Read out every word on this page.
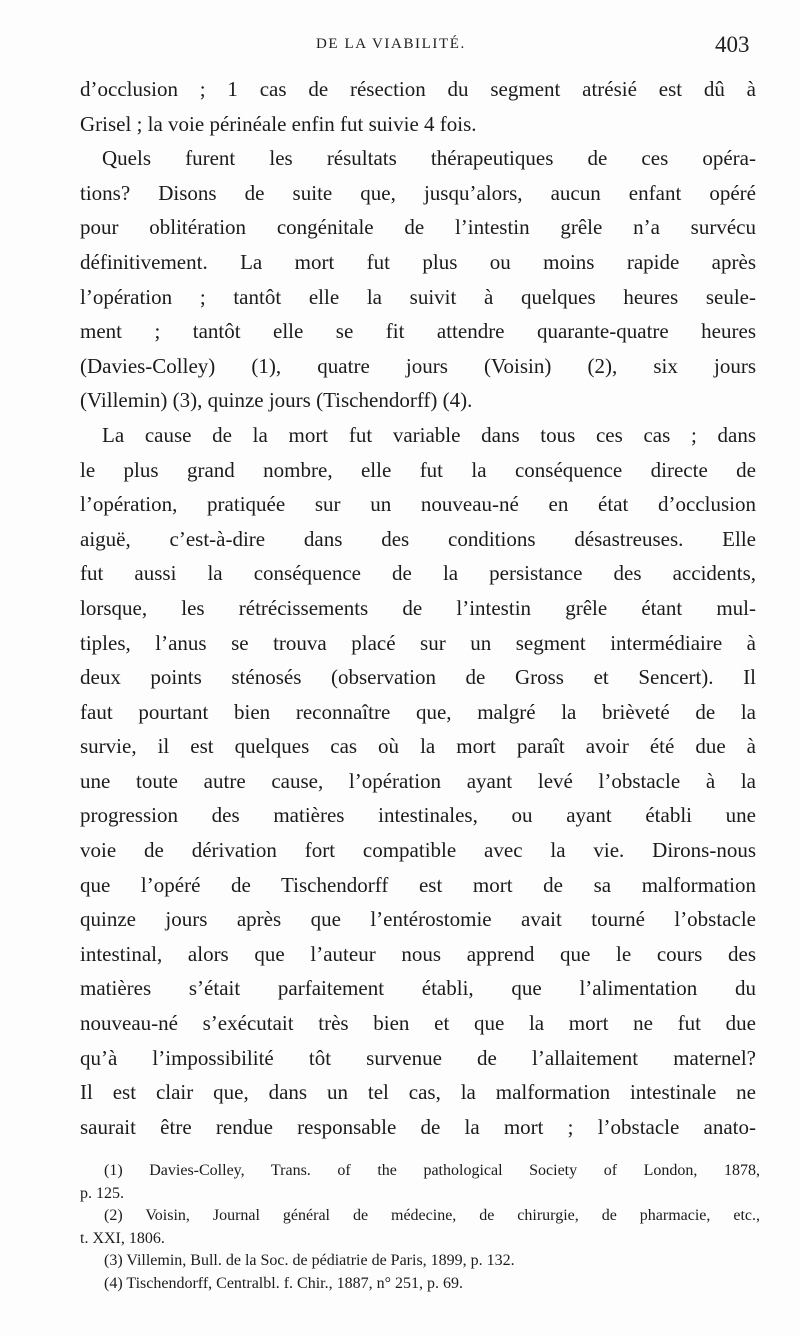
DE LA VIABILITÉ.	403
d’occlusion ; 1 cas de résection du segment atrésié est dû à
Grisel ; la voie périnéale enfin fut suivie 4 fois.
Quels furent les résultats thérapeutiques de ces opéra-
tions? Disons de suite que, jusqu’alors, aucun enfant opéré
pour oblitération congénitale de l’intestin grêle n’a survécu
définitivement. La mort fut plus ou moins rapide après
l’opération ; tantôt elle la suivit à quelques heures seule-
ment ; tantôt elle se fit attendre quarante-quatre heures
(Davies-Colley) (1), quatre jours (Voisin) (2), six jours
(Villemin) (3), quinze jours (Tischendorff) (4).
La cause de la mort fut variable dans tous ces cas ; dans
le plus grand nombre, elle fut la conséquence directe de
l’opération, pratiquée sur un nouveau-né en état d’occlusion
aiguë, c’est-à-dire dans des conditions désastreuses. Elle
fut aussi la conséquence de la persistance des accidents,
lorsque, les rétrécissements de l’intestin grêle étant mul-
tiples, l’anus se trouva placé sur un segment intermédiaire à
deux points sténosés (observation de Gross et Sencert). Il
faut pourtant bien reconnaître que, malgré la brièveté de la
survie, il est quelques cas où la mort paraît avoir été due à
une toute autre cause, l’opération ayant levé l’obstacle à la
progression des matières intestinales, ou ayant établi une
voie de dérivation fort compatible avec la vie. Dirons-nous
que l’opéré de Tischendorff est mort de sa malformation
quinze jours après que l’entérostomie avait tourné l’obstacle
intestinal, alors que l’auteur nous apprend que le cours des
matières s’était parfaitement établi, que l’alimentation du
nouveau-né s’exécutait très bien et que la mort ne fut due
qu’à l’impossibilité tôt survenue de l’allaitement maternel?
Il est clair que, dans un tel cas, la malformation intestinale ne
saurait être rendue responsable de la mort ; l’obstacle anato-
(1) Davies-Colley, Trans. of the pathological Society of London, 1878,
p. 125.
(2) Voisin, Journal général de médecine, de chirurgie, de pharmacie, etc.,
t. XXI, 1806.
(3) Villemin, Bull. de la Soc. de pédiatrie de Paris, 1899, p. 132.
(4) Tischendorff, Centralbl. f. Chir., 1887, n° 251, p. 69.
